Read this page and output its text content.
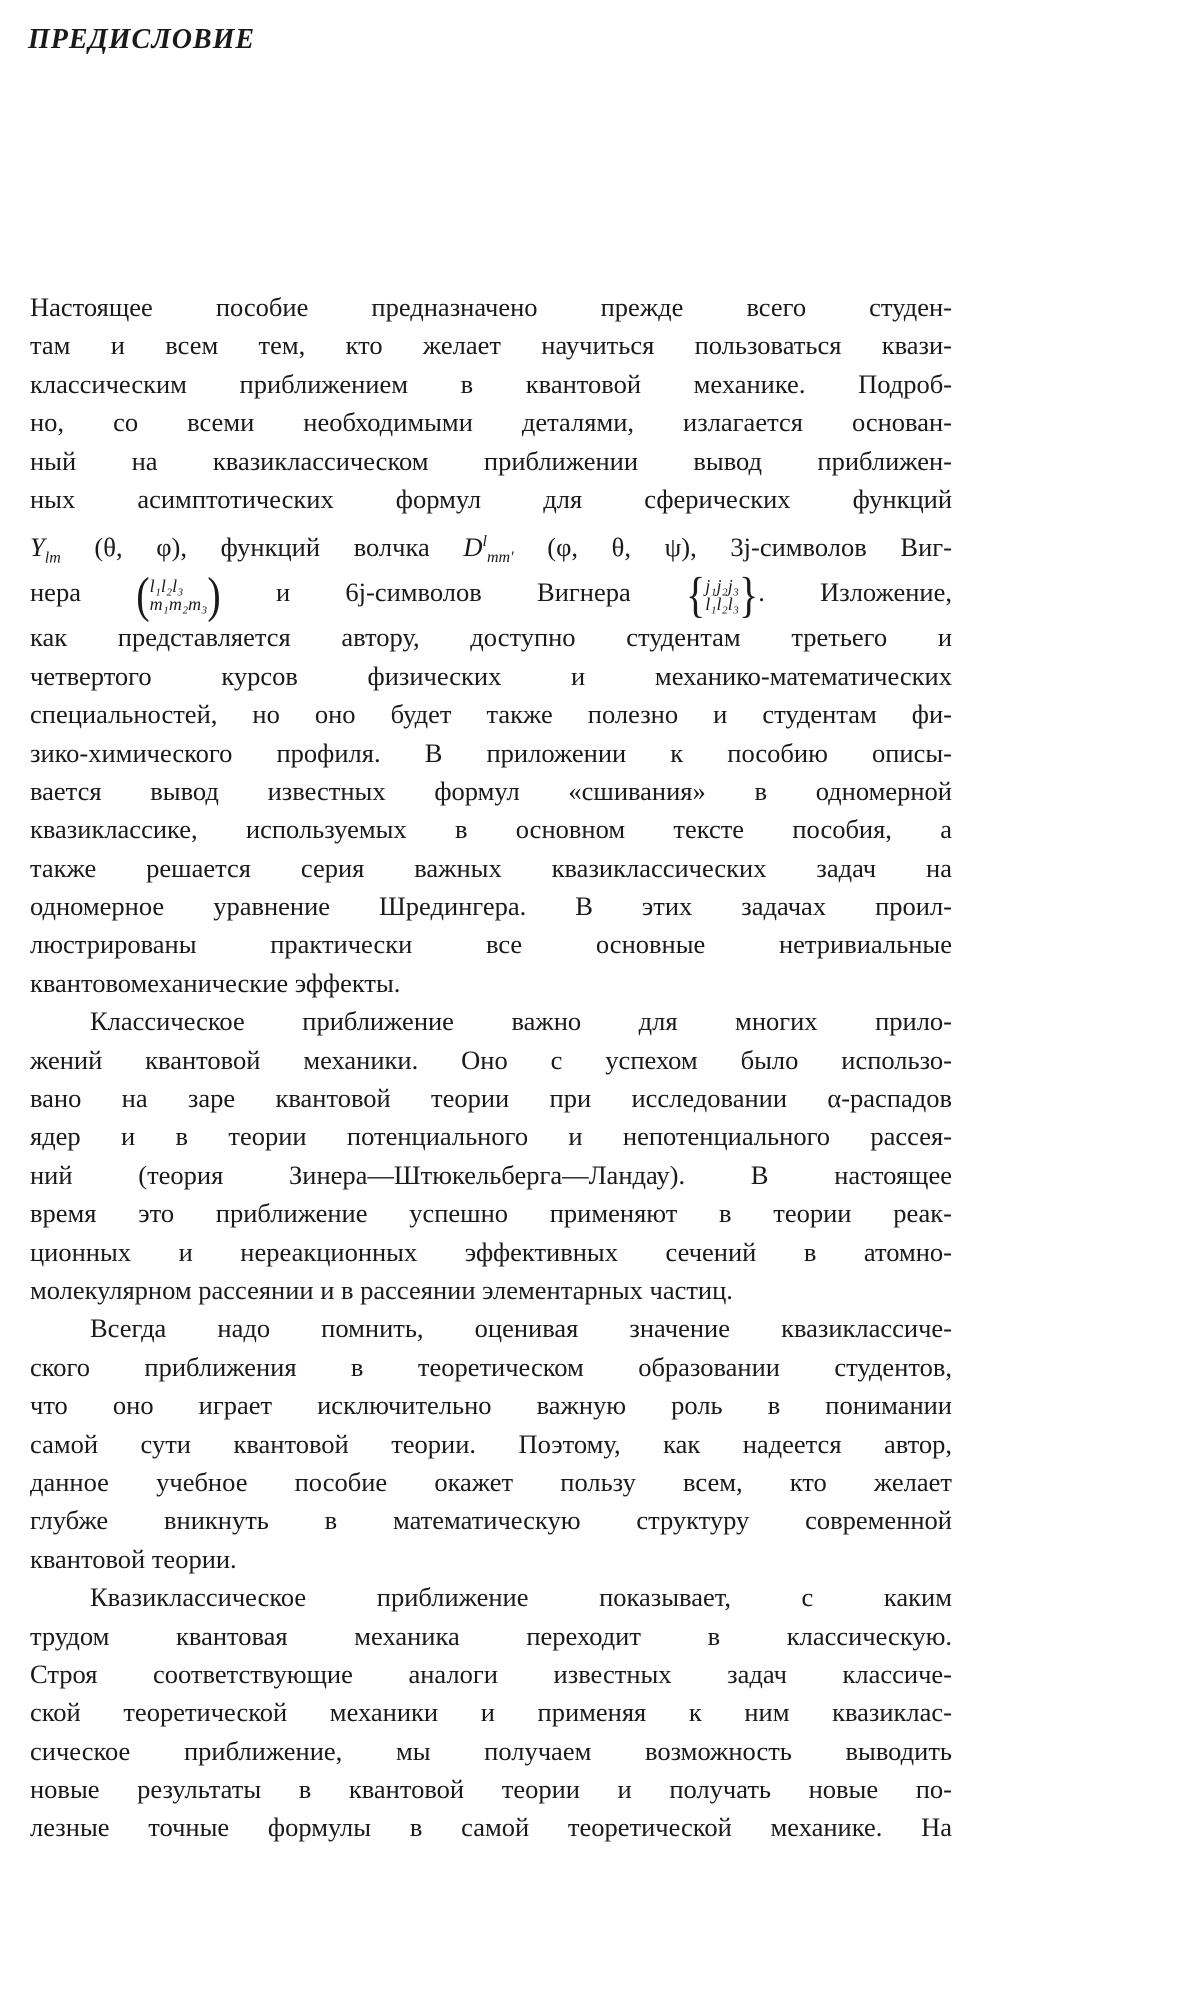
ПРЕДИСЛОВИЕ
Настоящее пособие предназначено прежде всего студен-
там и всем тем, кто желает научиться пользоваться квази-
классическим приближением в квантовой механике. Подроб-
но, со всеми необходимыми деталями, излагается основан-
ный на квазиклассическом приближении вывод приближен-
ных асимптотических формул для сферических функций
$Y_{lm}$ (θ, φ), функций волчка $D^l_{mm'}$ (φ, θ, ψ), 3j-символов Виг-
нера ( l₁l₂l₃
m₁m₂m₃ ) и 6j-символов Вигнера { j₁j₂j₃
l₁l₂l₃ }. Изложение,
как представляется автору, доступно студентам третьего и
четвертого курсов физических и механико-математических
специальностей, но оно будет также полезно и студентам фи-
зико-химического профиля. В приложении к пособию описы-
вается вывод известных формул «сшивания» в одномерной
квазиклассике, используемых в основном тексте пособия, а
также решается серия важных квазиклассических задач на
одномерное уравнение Шредингера. В этих задачах проил-
люстрированы практически все основные нетривиальные
квантовомеханические эффекты.
Классическое приближение важно для многих прило-
жений квантовой механики. Оно с успехом было использо-
вано на заре квантовой теории при исследовании α-распадов
ядер и в теории потенциального и непотенциального рассея-
ний (теория Зинера—Штюкельберга—Ландау). В настоящее
время это приближение успешно применяют в теории реак-
ционных и нереакционных эффективных сечений в атомно-
молекулярном рассеянии и в рассеянии элементарных частиц.
Всегда надо помнить, оценивая значение квазиклассиче-
ского приближения в теоретическом образовании студентов,
что оно играет исключительно важную роль в понимании
самой сути квантовой теории. Поэтому, как надеется автор,
данное учебное пособие окажет пользу всем, кто желает
глубже вникнуть в математическую структуру современной
квантовой теории.
Квазиклассическое приближение показывает, с каким
трудом квантовая механика переходит в классическую.
Строя соответствующие аналоги известных задач классиче-
ской теоретической механики и применяя к ним квазиклас-
сическое приближение, мы получаем возможность выводить
новые результаты в квантовой теории и получать новые по-
лезные точные формулы в самой теоретической механике. На
